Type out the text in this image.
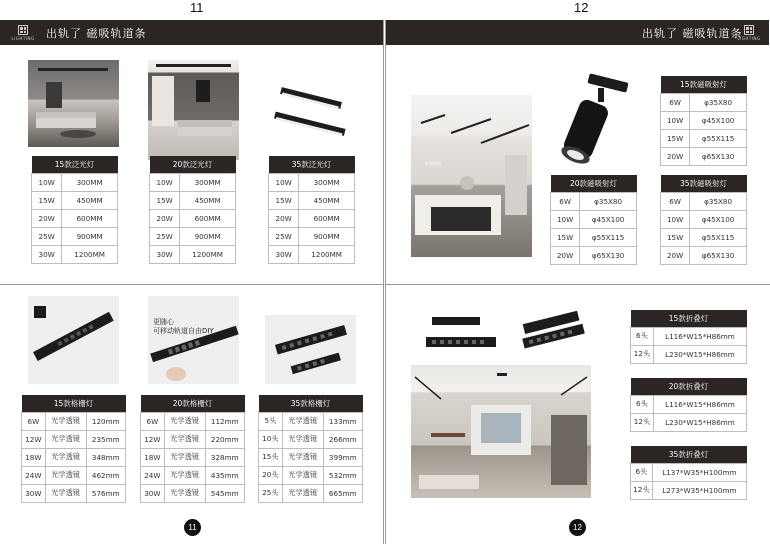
11	12
LIGHTING 出轨了 磁吸轨道条
15款泛光灯	
10W	300MM
15W	450MM
20W	600MM
25W	900MM
30W	1200MM
20款泛光灯	
10W	300MM
15W	450MM
20W	600MM
25W	900MM
30W	1200MM
35款泛光灯	
10W	300MM
15W	450MM
20W	600MM
25W	900MM
30W	1200MM
更随心
可移动轨道自由DIY
15款格栅灯		
6W	光学透镜	120mm
12W	光学透镜	235mm
18W	光学透镜	348mm
24W	光学透镜	462mm
30W	光学透镜	576mm
20款格栅灯		
6W	光学透镜	112mm
12W	光学透镜	220mm
18W	光学透镜	328mm
24W	光学透镜	435mm
30W	光学透镜	545mm
35款格栅灯		
5头	光学透镜	133mm
10头	光学透镜	266mm
15头	光学透镜	399mm
20头	光学透镜	532mm
25头	光学透镜	665mm
11
出轨了 磁吸轨道条
LIGHTING
卧室照明
15款磁吸射灯	
6W	φ35X80
10W	φ45X100
15W	φ55X115
20W	φ65X130
20款磁吸射灯	
6W	φ35X80
10W	φ45X100
15W	φ55X115
20W	φ65X130
35款磁吸射灯	
6W	φ35X80
10W	φ45X100
15W	φ55X115
20W	φ65X130
15款折叠灯	
6头	L116*W15*H86mm
12头	L230*W15*H86mm
20款折叠灯	
6头	L116*W15*H86mm
12头	L230*W15*H86mm
35款折叠灯	
6头	L137*W35*H100mm
12头	L273*W35*H100mm
12
